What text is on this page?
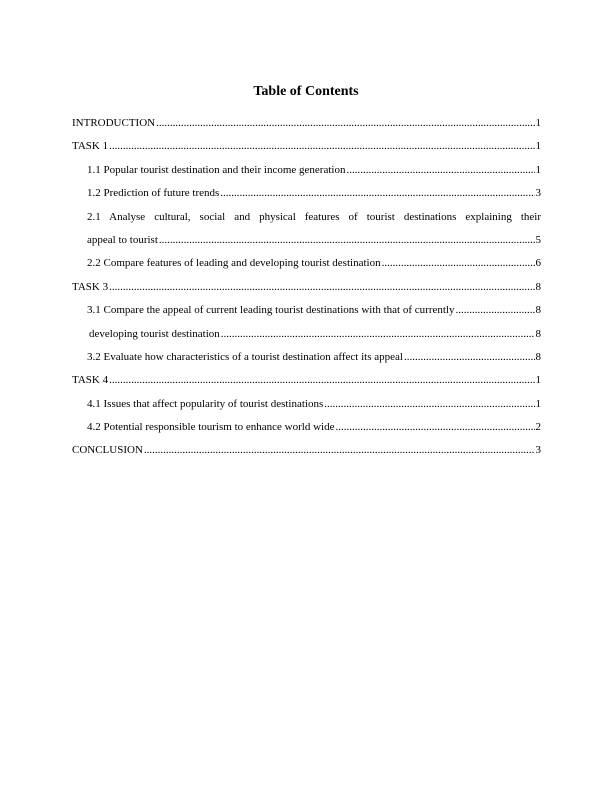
Table of Contents
INTRODUCTION .....	1
TASK 1 .....	1
1.1 Popular tourist destination and their income generation .....	1
1.2 Prediction of future trends .....	3
2.1 Analyse cultural, social and physical features of tourist destinations explaining their
appeal to tourist .....	5
2.2 Compare features of leading and developing tourist destination .....	6
TASK 3 .....	8
3.1 Compare the appeal of current leading tourist destinations with that of currently .....	8
developing tourist destination .....	8
3.2 Evaluate how characteristics of a tourist destination affect its appeal .....	8
TASK 4 .....	1
4.1 Issues that affect popularity of tourist destinations .....	1
4.2 Potential responsible tourism to enhance world wide .....	2
CONCLUSION .....	3
